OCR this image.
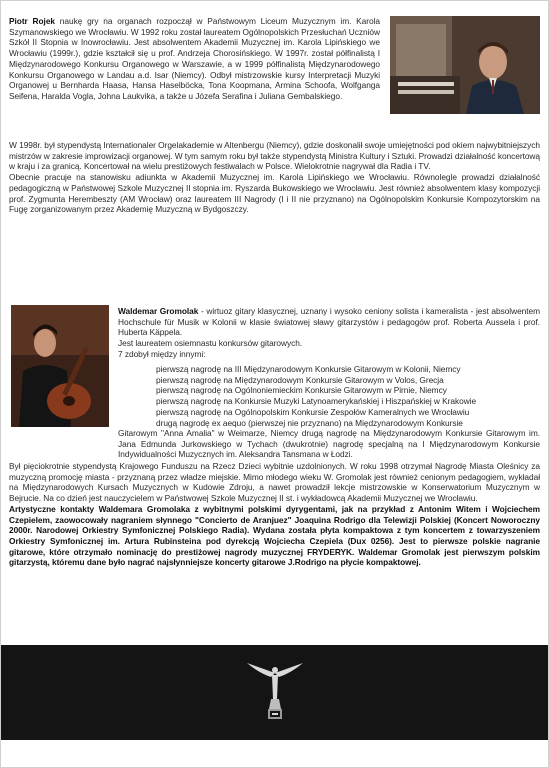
Piotr Rojek naukę gry na organach rozpoczął w Państwowym Liceum Muzycznym im. Karola Szymanowskiego we Wrocławiu. W 1992 roku został laureatem Ogólnopolskich Przesłuchań Uczniów Szkół II Stopnia w Inowrocławiu. Jest absolwentem Akademii Muzycznej im. Karola Lipińskiego we Wrocławiu (1999r.), gdzie kształcił się u prof. Andrzeja Chorosińskiego. W 1997r. został półfinalistą I Międzynarodowego Konkursu Organowego w Warszawie, a w 1999 półfinalistą Międzynarodowego Konkursu Organowego w Landau a.d. Isar (Niemcy). Odbył mistrzowskie kursy Interpretacji Muzyki Organowej u Bernharda Haasa, Hansa Haselböcka, Tona Koopmana, Armina Schoofa, Wolfganga Seifena, Haralda Vogla, Johna Laukvika, a także u Józefa Serafina i Juliana Gembalskiego.

W 1998r. był stypendystą Internationaler Orgelakademie w Altenbergu (Niemcy), gdzie doskonalił swoje umiejętności pod okiem najwybitniejszych mistrzów w zakresie improwizacji organowej. W tym samym roku był także stypendystą Ministra Kultury i Sztuki. Prowadzi działalność koncertową w kraju i za granicą. Koncertował na wielu prestiżowych festiwalach w Polsce. Wielokrotnie nagrywał dla Radia i TV.

Obecnie pracuje na stanowisku adiunkta w Akademii Muzycznej im. Karola Lipińskiego we Wrocławiu. Równolegle prowadzi działalność pedagogiczną w Państwowej Szkole Muzycznej II stopnia im. Ryszarda Bukowskiego we Wrocławiu. Jest również absolwentem klasy kompozycji prof. Zygmunta Herembeszty (AM Wrocław) oraz laureatem III Nagrody (I i II nie przyznano) na Ogólnopolskim Konkursie Kompozytorskim na Fugę zorganizowanym przez Akademię Muzyczną w Bydgoszczy.

Waldemar Gromolak - wirtuoz gitary klasycznej, uznany i wysoko ceniony solista i kameralista - jest absolwentem Hochschule für Musik w Kolonii w klasie światowej sławy gitarzystów i pedagogów prof. Roberta Aussela i prof. Huberta Käppela.

Jest laureatem osiemnastu konkursów gitarowych.

7 zdobył między innymi:

pierwszą nagrodę na III Międzynarodowym Konkursie Gitarowym w Kolonii, Niemcy

pierwszą nagrodę na Międzynarodowym Konkursie Gitarowym w Volos, Grecja

pierwszą nagrodę na Ogólnoniemieckim Konkursie Gitarowym w Pirnie, Niemcy

pierwszą nagrodę na Konkursie Muzyki Latynoamerykańskiej i Hiszpańskiej w Krakowie

pierwszą nagrodę na Ogólnopolskim Konkursie Zespołów Kameralnych we Wrocławiu

drugą nagrodę ex aequo (pierwszej nie przyznano) na Międzynarodowym Konkursie

Gitarowym "Anna Amalia" w Weimarze, Niemcy drugą nagrodę na Międzynarodowym Konkursie Gitarowym im. Jana Edmunda Jurkowskiego w Tychach (dwukrotnie) nagrodę specjalną na I Międzynarodowym Konkursie Indywidualności Muzycznych im. Aleksandra Tansmana w Łodzi.

Był pięciokrotnie stypendystą Krajowego Funduszu na Rzecz Dzieci wybitnie uzdolnionych. W roku 1998 otrzymał Nagrodę Miasta Oleśnicy za muzyczną promocję miasta - przyznaną przez władze miejskie. Mimo młodego wieku W. Gromolak jest również cenionym pedagogiem, wykładał na Międzynarodowych Kursach Muzycznych w Kudowie Zdroju, a nawet prowadził lekcje mistrzowskie w Konserwatorium Muzycznym w Bejrucie. Na co dzień jest nauczycielem w Państwowej Szkole Muzycznej II st. i wykładowcą Akademii Muzycznej we Wrocławiu.

Artystyczne kontakty Waldemara Gromolaka z wybitnymi polskimi dyrygentami, jak na przykład z Antonim Witem i Wojciechem Czepielem, zaowocowały nagraniem słynnego "Concierto de Aranjuez" Joaquina Rodrigo dla Telewizji Polskiej (Koncert Noworoczny 2000r. Narodowej Orkiestry Symfonicznej Polskiego Radia). Wydana została płyta kompaktowa z tym koncertem z towarzyszeniem Orkiestry Symfonicznej im. Artura Rubinsteina pod dyrekcją Wojciecha Czepiela (Dux 0256). Jest to pierwsze polskie nagranie gitarowe, które otrzymało nominację do prestiżowej nagrody muzycznej FRYDERYK. Waldemar Gromolak jest pierwszym polskim gitarzystą, któremu dane było nagrać najsłynniejsze koncerty gitarowe J.Rodrigo na płycie kompaktowej.
